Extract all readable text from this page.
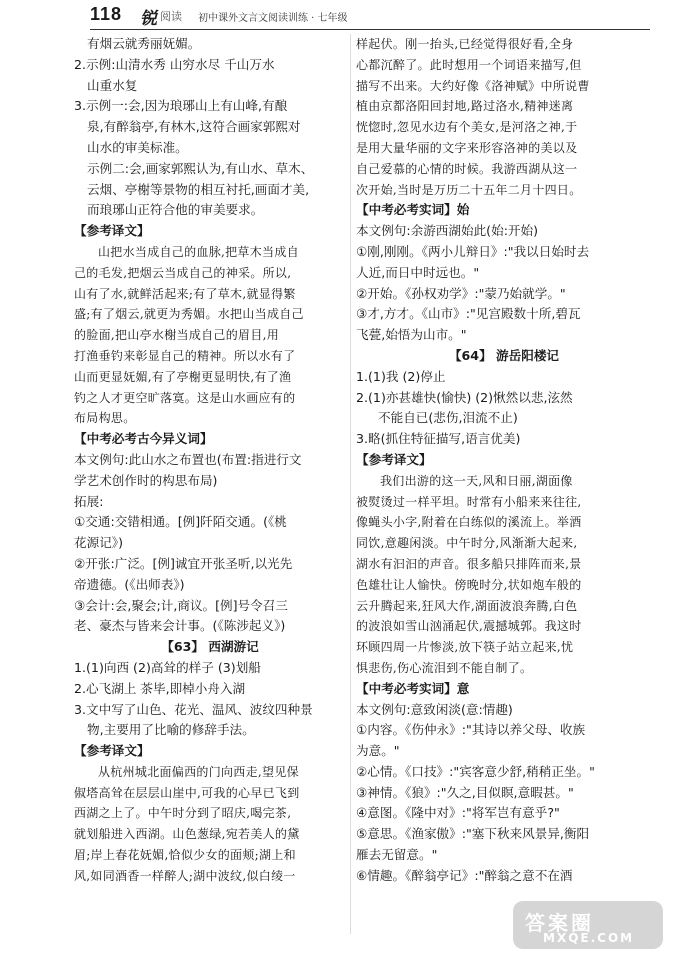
118 锐 阅读 初中课外文言文阅读训练 · 七年级
有烟云就秀丽妩媚。
2.示例:山清水秀 山穷水尽 千山万水
山重水复
3.示例一:会,因为琅琊山上有山峰,有酿
泉,有醉翁亭,有林木,这符合画家郭熙对
山水的审美标准。
示例二:会,画家郭熙认为,有山水、草木、
云烟、亭榭等景物的相互衬托,画面才美,
而琅琊山正符合他的审美要求。
【参考译文】
山把水当成自己的血脉,把草木当成自
己的毛发,把烟云当成自己的神采。所以,
山有了水,就鲜活起来;有了草木,就显得繁
盛;有了烟云,就更为秀媚。水把山当成自己
的脸面,把山亭水榭当成自己的眉目,用
打渔垂钓来彰显自己的精神。所以水有了
山而更显妩媚,有了亭榭更显明快,有了渔
钓之人才更空旷落寞。这是山水画应有的
布局构思。
【中考必考古今异义词】
本文例句:此山水之布置也(布置:指进行文
学艺术创作时的构思布局)
拓展:
①交通:交错相通。[例]阡陌交通。(《桃
花源记》)
②开张:广泛。[例]诚宜开张圣听,以光先
帝遗德。(《出师表》)
③会计:会,聚会;计,商议。[例]号令召三
老、豪杰与皆来会计事。(《陈涉起义》)
【63】 西湖游记
1.(1)向西 (2)高耸的样子 (3)划船
2.心飞湖上 茶毕,即棹小舟入湖
3.文中写了山色、花光、温风、波纹四种景
物,主要用了比喻的修辞手法。
【参考译文】
从杭州城北面偏西的门向西走,望见保
俶塔高耸在层层山崖中,可我的心早已飞到
西湖之上了。中午时分到了昭庆,喝完茶,
就划船进入西湖。山色葱绿,宛若美人的黛
眉;岸上春花妩媚,恰似少女的面颊;湖上和
风,如同酒香一样醉人;湖中波纹,似白绫一
样起伏。刚一抬头,已经觉得很好看,全身
心都沉醉了。此时想用一个词语来描写,但
描写不出来。大约好像《洛神赋》中所说曹
植由京都洛阳回封地,路过洛水,精神迷离
恍惚时,忽见水边有个美女,是河洛之神,于
是用大量华丽的文字来形容洛神的美以及
自己爱慕的心情的时候。我游西湖从这一
次开始,当时是万历二十五年二月十四日。
【中考必考实词】始
本文例句:余游西湖始此(始:开始)
①刚,刚刚。《两小儿辩日》:"我以日始时去
人近,而日中时远也。"
②开始。《孙权劝学》:"蒙乃始就学。"
③才,方才。《山市》:"见宫殿数十所,碧瓦
飞甍,始悟为山市。"
【64】 游岳阳楼记
1.(1)我 (2)停止
2.(1)亦甚雄快(愉快) (2)愀然以悲,泫然
不能自已(悲伤,泪流不止)
3.略(抓住特征描写,语言优美)
【参考译文】
我们出游的这一天,风和日丽,湖面像
被熨烫过一样平坦。时常有小船来来往往,
像蝇头小字,附着在白练似的溪流上。举酒
同饮,意趣闲淡。中午时分,风渐渐大起来,
湖水有汩汩的声音。很多船只排阵而来,景
色雄壮让人愉快。傍晚时分,状如炮车般的
云升腾起来,狂风大作,湖面波浪奔腾,白色
的波浪如雪山汹涌起伏,震撼城郭。我这时
环顾四周一片惨淡,放下筷子站立起来,忧
惧悲伤,伤心流泪到不能自制了。
【中考必考实词】意
本文例句:意致闲淡(意:情趣)
①内容。《伤仲永》:"其诗以养父母、收族
为意。"
②心情。《口技》:"宾客意少舒,稍稍正坐。"
③神情。《狼》:"久之,目似瞑,意暇甚。"
④意图。《隆中对》:"将军岂有意乎?"
⑤意思。《渔家傲》:"塞下秋来风景异,衡阳
雁去无留意。"
⑥情趣。《醉翁亭记》:"醉翁之意不在酒
答案圈
MXQE.COM
